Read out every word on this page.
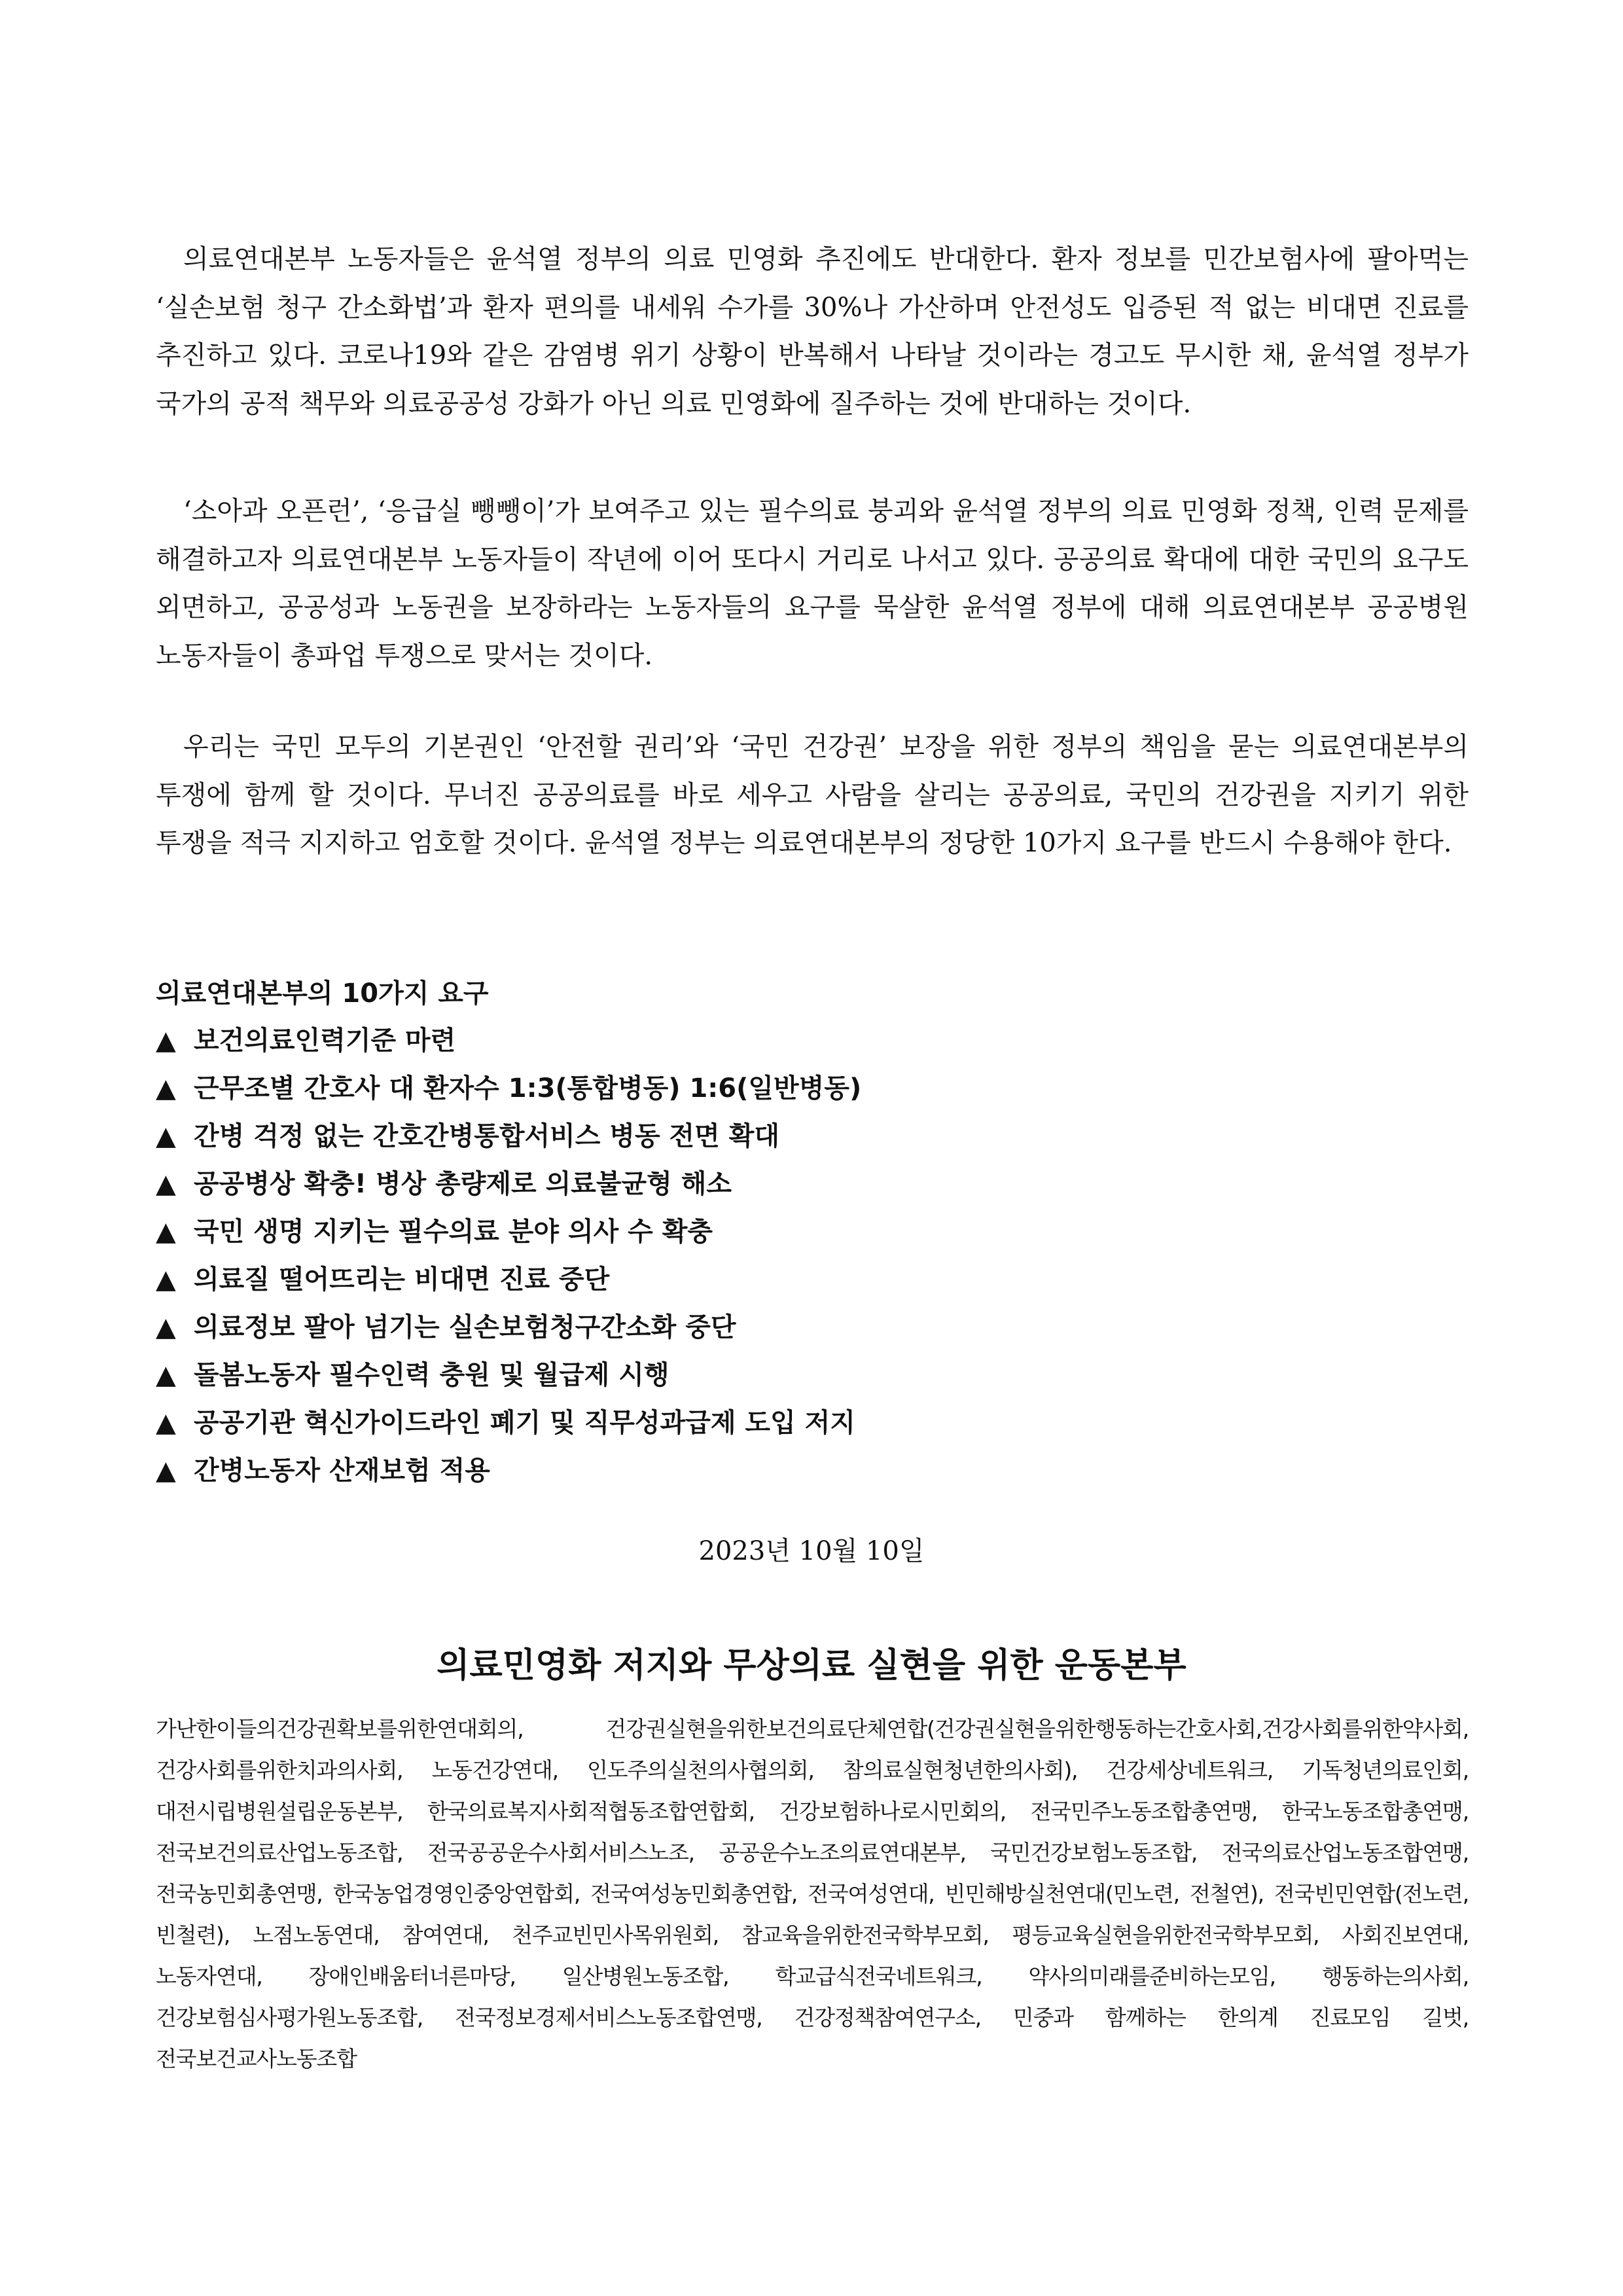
의료연대본부 노동자들은 윤석열 정부의 의료 민영화 추진에도 반대한다. 환자 정보를 민간보험사에 팔아먹는 ‘실손보험 청구 간소화법’과 환자 편의를 내세워 수가를 30%나 가산하며 안전성도 입증된 적 없는 비대면 진료를 추진하고 있다. 코로나19와 같은 감염병 위기 상황이 반복해서 나타날 것이라는 경고도 무시한 채, 윤석열 정부가 국가의 공적 책무와 의료공공성 강화가 아닌 의료 민영화에 질주하는 것에 반대하는 것이다.

‘소아과 오픈런’, ‘응급실 뺑뺑이’가 보여주고 있는 필수의료 붕괴와 윤석열 정부의 의료 민영화 정책, 인력 문제를 해결하고자 의료연대본부 노동자들이 작년에 이어 또다시 거리로 나서고 있다. 공공의료 확대에 대한 국민의 요구도 외면하고, 공공성과 노동권을 보장하라는 노동자들의 요구를 묵살한 윤석열 정부에 대해 의료연대본부 공공병원 노동자들이 총파업 투쟁으로 맞서는 것이다.

우리는 국민 모두의 기본권인 ‘안전할 권리’와 ‘국민 건강권’ 보장을 위한 정부의 책임을 묻는 의료연대본부의 투쟁에 함께 할 것이다. 무너진 공공의료를 바로 세우고 사람을 살리는 공공의료, 국민의 건강권을 지키기 위한 투쟁을 적극 지지하고 엄호할 것이다. 윤석열 정부는 의료연대본부의 정당한 10가지 요구를 반드시 수용해야 한다.

의료연대본부의 10가지 요구
▲ 보건의료인력기준 마련
▲ 근무조별 간호사 대 환자수 1:3(통합병동) 1:6(일반병동)
▲ 간병 걱정 없는 간호간병통합서비스 병동 전면 확대
▲ 공공병상 확충! 병상 총량제로 의료불균형 해소
▲ 국민 생명 지키는 필수의료 분야 의사 수 확충
▲ 의료질 떨어뜨리는 비대면 진료 중단
▲ 의료정보 팔아 넘기는 실손보험청구간소화 중단
▲ 돌봄노동자 필수인력 충원 및 월급제 시행
▲ 공공기관 혁신가이드라인 폐기 및 직무성과급제 도입 저지
▲ 간병노동자 산재보험 적용
2023년 10월 10일
의료민영화 저지와 무상의료 실현을 위한 운동본부

가난한이들의건강권확보를위한연대회의, 건강권실현을위한보건의료단체연합(건강권실현을위한행동하는간호사회,건강사회를위한약사회, 건강사회를위한치과의사회, 노동건강연대, 인도주의실천의사협의회, 참의료실현청년한의사회), 건강세상네트워크, 기독청년의료인회, 대전시립병원설립운동본부, 한국의료복지사회적협동조합연합회, 건강보험하나로시민회의, 전국민주노동조합총연맹, 한국노동조합총연맹, 전국보건의료산업노동조합, 전국공공운수사회서비스노조, 공공운수노조의료연대본부, 국민건강보험노동조합, 전국의료산업노동조합연맹, 전국농민회총연맹, 한국농업경영인중앙연합회, 전국여성농민회총연합, 전국여성연대, 빈민해방실천연대(민노련, 전철연), 전국빈민연합(전노련, 빈철련), 노점노동연대, 참여연대, 천주교빈민사목위원회, 참교육을위한전국학부모회, 평등교육실현을위한전국학부모회, 사회진보연대, 노동자연대, 장애인배움터너른마당, 일산병원노동조합, 학교급식전국네트워크, 약사의미래를준비하는모임, 행동하는의사회, 건강보험심사평가원노동조합, 전국정보경제서비스노동조합연맹, 건강정책참여연구소, 민중과 함께하는 한의계 진료모임 길벗, 전국보건교사노동조합
